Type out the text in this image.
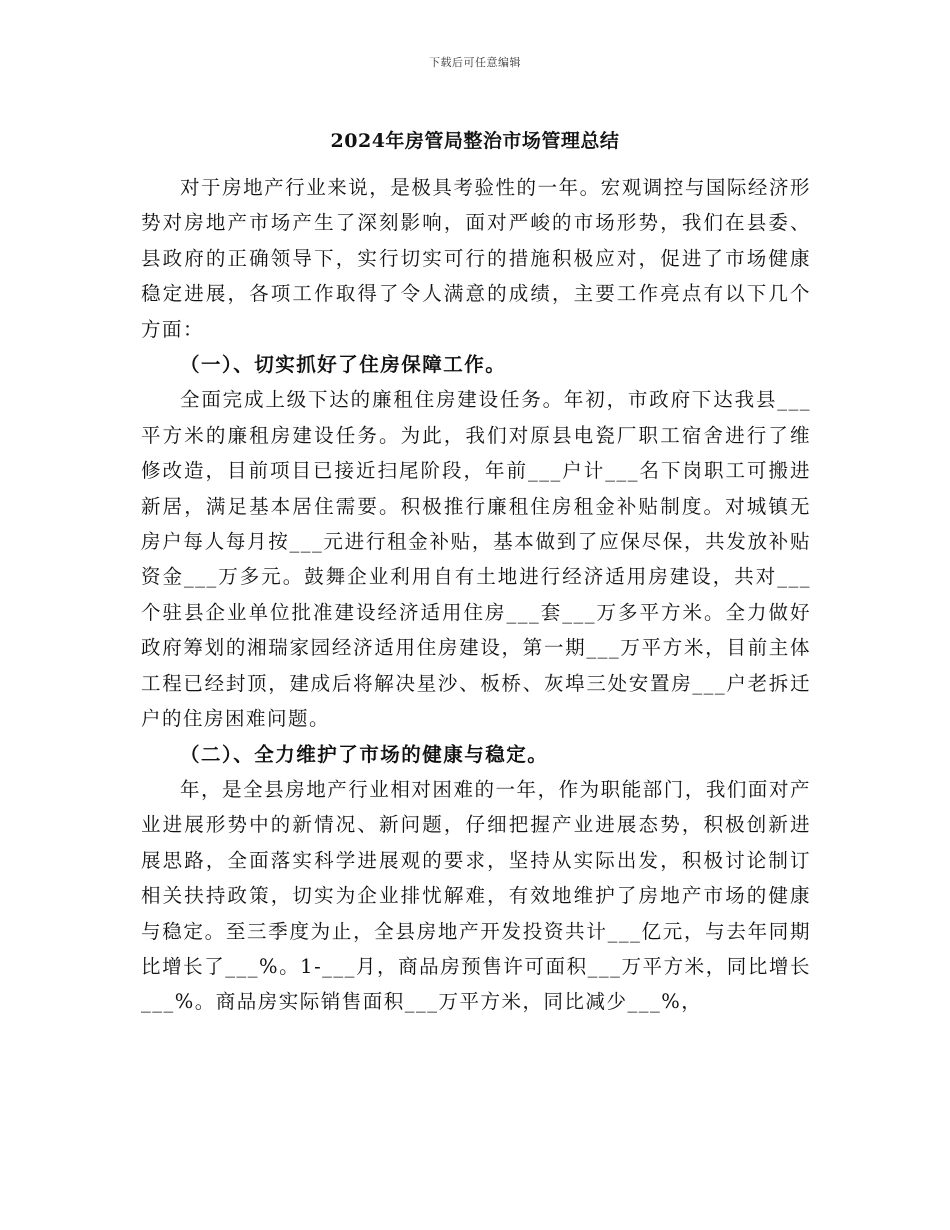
下载后可任意编辑
2024年房管局整治市场管理总结

对于房地产行业来说，是极具考验性的一年。宏观调控与国际经济形势对房地产市场产生了深刻影响，面对严峻的市场形势，我们在县委、县政府的正确领导下，实行切实可行的措施积极应对，促进了市场健康稳定进展，各项工作取得了令人满意的成绩，主要工作亮点有以下几个方面：

（一）、切实抓好了住房保障工作。

全面完成上级下达的廉租住房建设任务。年初，市政府下达我县___平方米的廉租房建设任务。为此，我们对原县电瓷厂职工宿舍进行了维修改造，目前项目已接近扫尾阶段，年前___户计___名下岗职工可搬进新居，满足基本居住需要。积极推行廉租住房租金补贴制度。对城镇无房户每人每月按___元进行租金补贴，基本做到了应保尽保，共发放补贴资金___万多元。鼓舞企业利用自有土地进行经济适用房建设，共对___个驻县企业单位批准建设经济适用住房___套___万多平方米。全力做好政府筹划的湘瑞家园经济适用住房建设，第一期___万平方米，目前主体工程已经封顶，建成后将解决星沙、板桥、灰埠三处安置房___户老拆迁户的住房困难问题。

（二）、全力维护了市场的健康与稳定。

年，是全县房地产行业相对困难的一年，作为职能部门，我们面对产业进展形势中的新情况、新问题，仔细把握产业进展态势，积极创新进展思路，全面落实科学进展观的要求，坚持从实际出发，积极讨论制订相关扶持政策，切实为企业排忧解难，有效地维护了房地产市场的健康与稳定。至三季度为止，全县房地产开发投资共计___亿元，与去年同期比增长了___%。1-___月，商品房预售许可面积___万平方米，同比增长___%。商品房实际销售面积___万平方米，同比减少___%，
